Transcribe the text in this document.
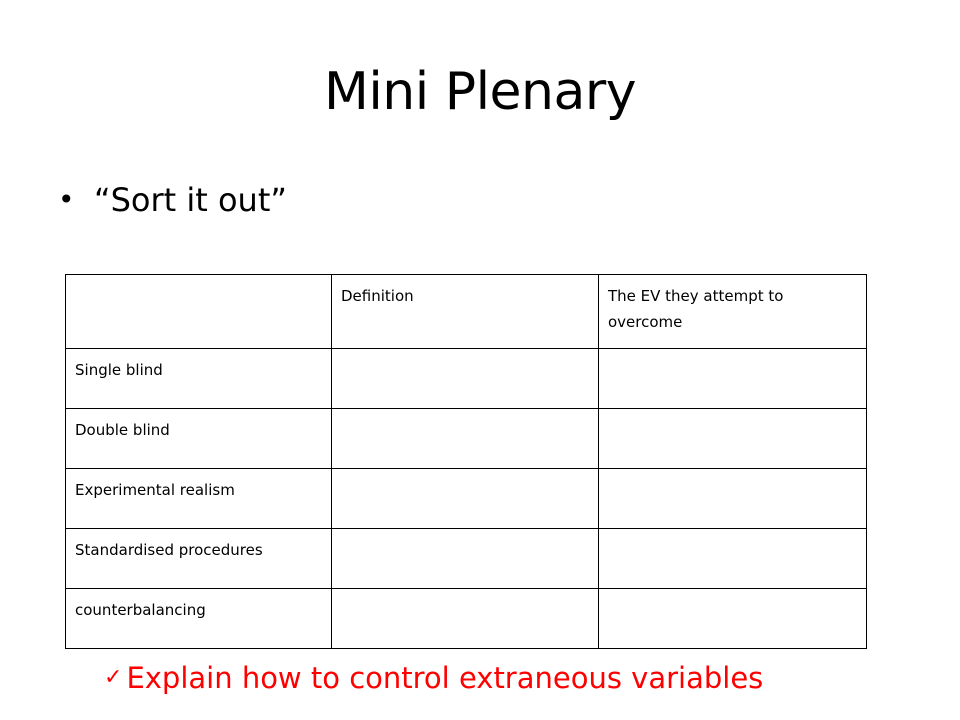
Mini Plenary
• “Sort it out”
	Definition	The EV they attempt to overcome
Single blind		
Double blind		
Experimental realism		
Standardised procedures		
counterbalancing		
✓ Explain how to control extraneous variables
